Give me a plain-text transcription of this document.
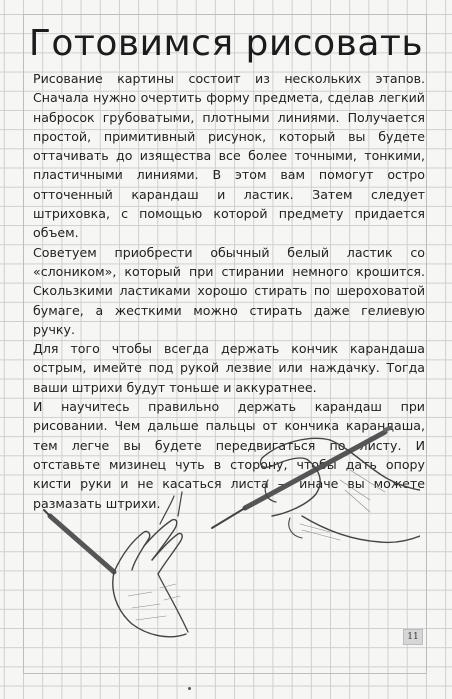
Готовимся рисовать

Рисование картины состоит из нескольких этапов. Сначала нужно очертить форму предмета, сделав легкий набросок грубоватыми, плотными линиями. Получается простой, примитивный рисунок, который вы будете оттачивать до изящества все более точными, тонкими, пластичными линиями. В этом вам помогут остро отточенный карандаш и ластик. Затем следует штриховка, с помощью которой предмету придается объем.

Советуем приобрести обычный белый ластик со «слоником», который при стирании немного крошится. Скользкими ластиками хорошо стирать по шероховатой бумаге, а жесткими можно стирать даже гелиевую ручку.

Для того чтобы всегда держать кончик карандаша острым, имейте под рукой лезвие или наждачку. Тогда ваши штрихи будут тоньше и аккуратнее.

И научитесь правильно держать карандаш при рисовании. Чем дальше пальцы от кончика карандаша, тем легче вы будете передвигаться по листу. И отставьте мизинец чуть в сторону, чтобы дать опору кисти руки и не касаться листа — иначе вы можете размазать штрихи.

11
